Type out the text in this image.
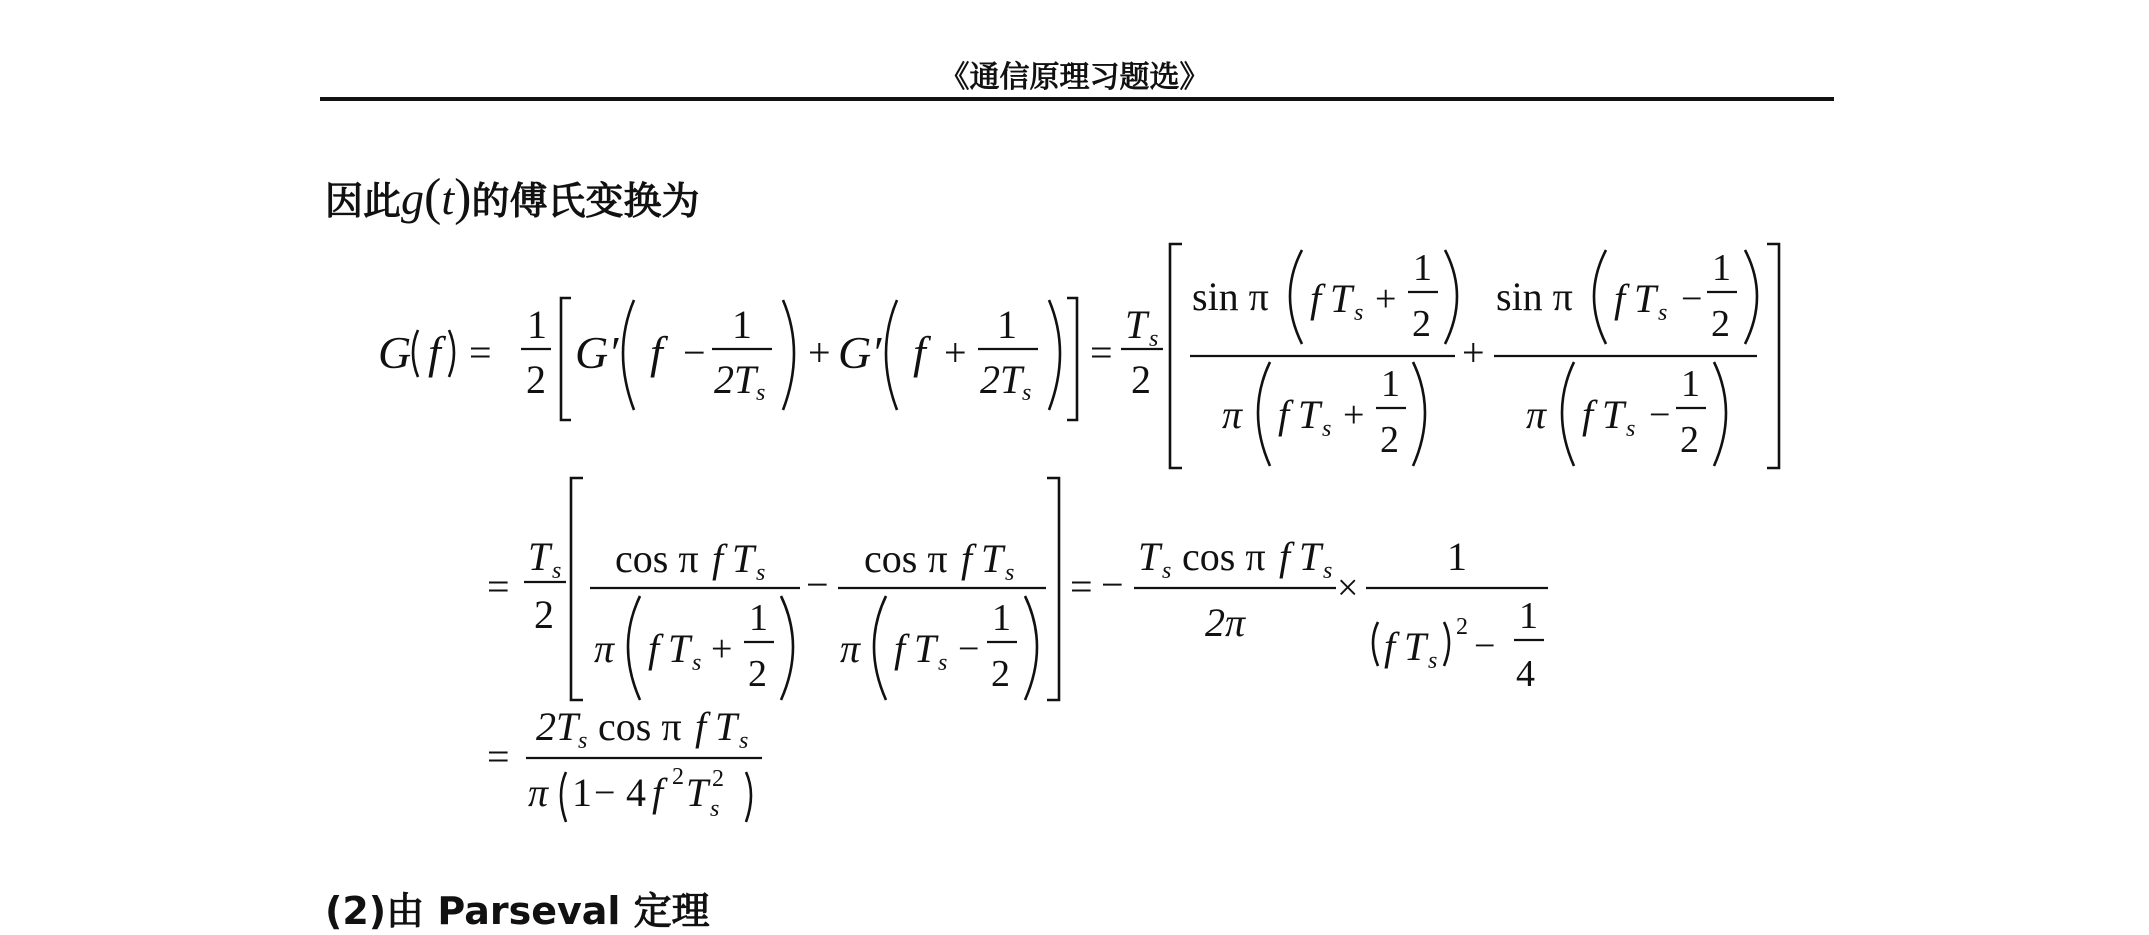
《通信原理习题选》
因此g(t)的傅氏变换为
G f =
1
2
G′ f −
1
2T s
+ G′ f +
1
2T s
=
T s
2
sin π f T s +
1
2
π f T s +
1
2
+
sin π f T s −
1
2
π f T s −
1
2
=
T s
2
cos π f T s
π f T s +
1
2
−
cos π f T s
π f T s −
1
2
= −
T s cos π f T s
2π
×
1
f T s
2 −
1
4
=
2T s cos π f T s
π 1 − 4 f 2 T 2
s
(2)由 Parseval 定理
